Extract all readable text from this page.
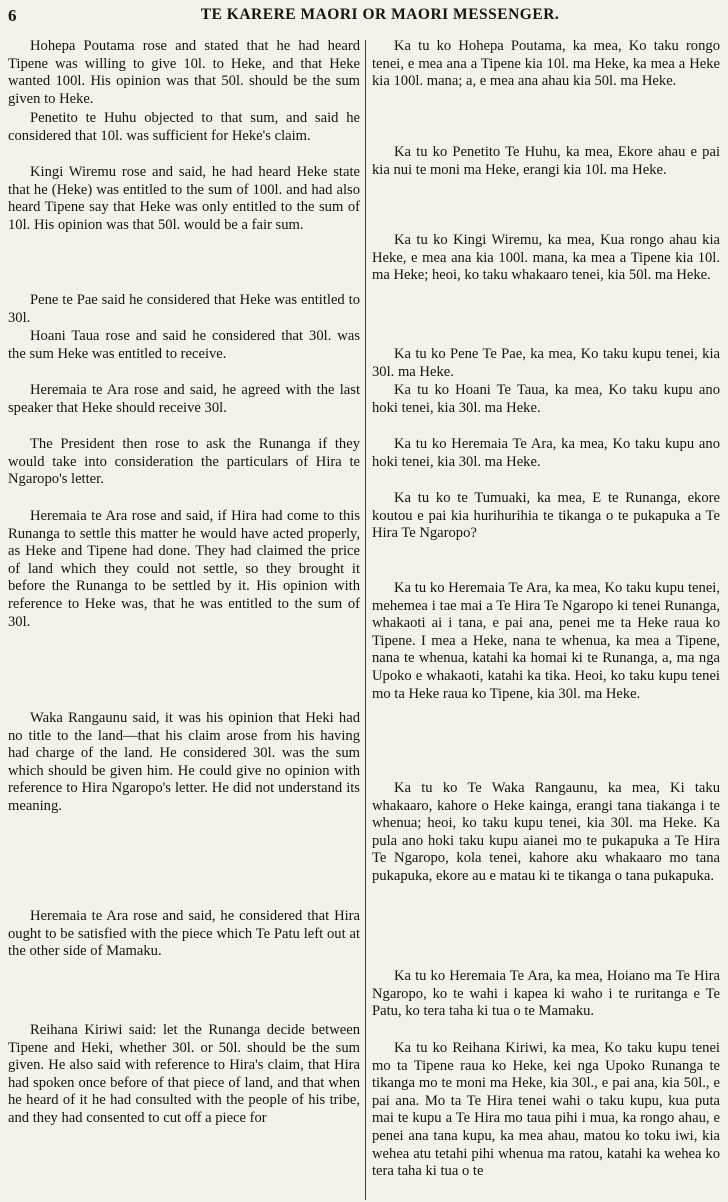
6	TE KARERE MAORI OR MAORI MESSENGER.

Hohepa Poutama rose and stated that he had heard Tipene was willing to give 10l. to Heke, and that Heke wanted 100l. His opinion was that 50l. should be the sum given to Heke.

Penetito te Huhu objected to that sum, and said he considered that 10l. was sufficient for Heke's claim.

Kingi Wiremu rose and said, he had heard Heke state that he (Heke) was entitled to the sum of 100l. and had also heard Tipene say that Heke was only entitled to the sum of 10l. His opinion was that 50l. would be a fair sum.

Pene te Pae said he considered that Heke was entitled to 30l.

Hoani Taua rose and said he considered that 30l. was the sum Heke was entitled to receive.

Heremaia te Ara rose and said, he agreed with the last speaker that Heke should receive 30l.

The President then rose to ask the Runanga if they would take into consideration the particulars of Hira te Ngaropo's letter.

Heremaia te Ara rose and said, if Hira had come to this Runanga to settle this matter he would have acted properly, as Heke and Tipene had done. They had claimed the price of land which they could not settle, so they brought it before the Runanga to be settled by it. His opinion with reference to Heke was, that he was entitled to the sum of 30l.

Waka Rangaunu said, it was his opinion that Heki had no title to the land—that his claim arose from his having had charge of the land. He considered 30l. was the sum which should be given him. He could give no opinion with reference to Hira Ngaropo's letter. He did not understand its meaning.

Heremaia te Ara rose and said, he considered that Hira ought to be satisfied with the piece which Te Patu left out at the other side of Mamaku.

Reihana Kiriwi said: let the Runanga decide between Tipene and Heki, whether 30l. or 50l. should be the sum given. He also said with reference to Hira's claim, that Hira had spoken once before of that piece of land, and that when he heard of it he had consulted with the people of his tribe, and they had consented to cut off a piece for

Ka tu ko Hohepa Poutama, ka mea, Ko taku rongo tenei, e mea ana a Tipene kia 10l. ma Heke, ka mea a Heke kia 100l. mana; a, e mea ana ahau kia 50l. ma Heke.

Ka tu ko Penetito Te Huhu, ka mea, Ekore ahau e pai kia nui te moni ma Heke, erangi kia 10l. ma Heke.

Ka tu ko Kingi Wiremu, ka mea, Kua rongo ahau kia Heke, e mea ana kia 100l. mana, ka mea a Tipene kia 10l. ma Heke; heoi, ko taku whakaaro tenei, kia 50l. ma Heke.

Ka tu ko Pene Te Pae, ka mea, Ko taku kupu tenei, kia 30l. ma Heke.

Ka tu ko Hoani Te Taua, ka mea, Ko taku kupu ano hoki tenei, kia 30l. ma Heke.

Ka tu ko Heremaia Te Ara, ka mea, Ko taku kupu ano hoki tenei, kia 30l. ma Heke.

Ka tu ko te Tumuaki, ka mea, E te Runanga, ekore koutou e pai kia hurihurihia te tikanga o te pukapuka a Te Hira Te Ngaropo?

Ka tu ko Heremaia Te Ara, ka mea, Ko taku kupu tenei, mehemea i tae mai a Te Hira Te Ngaropo ki tenei Runanga, whakaoti ai i tana, e pai ana, penei me ta Heke raua ko Tipene. I mea a Heke, nana te whenua, ka mea a Tipene, nana te whenua, katahi ka homai ki te Runanga, a, ma nga Upoko e whakaoti, katahi ka tika. Heoi, ko taku kupu tenei mo ta Heke raua ko Tipene, kia 30l. ma Heke.

Ka tu ko Te Waka Rangaunu, ka mea, Ki taku whakaaro, kahore o Heke kainga, erangi tana tiakanga i te whenua; heoi, ko taku kupu tenei, kia 30l. ma Heke. Ka pula ano hoki taku kupu aianei mo te pukapuka a Te Hira Te Ngaropo, kola tenei, kahore aku whakaaro mo tana pukapuka, ekore au e matau ki te tikanga o tana pukapuka.

Ka tu ko Heremaia Te Ara, ka mea, Hoiano ma Te Hira Ngaropo, ko te wahi i kapea ki waho i te ruritanga e Te Patu, ko tera taha ki tua o te Mamaku.

Ka tu ko Reihana Kiriwi, ka mea, Ko taku kupu tenei mo ta Tipene raua ko Heke, kei nga Upoko Runanga te tikanga mo te moni ma Heke, kia 30l., e pai ana, kia 50l., e pai ana. Mo ta Te Hira tenei wahi o taku kupu, kua puta mai te kupu a Te Hira mo taua pihi i mua, ka rongo ahau, e penei ana tana kupu, ka mea ahau, matou ko toku iwi, kia wehea atu tetahi pihi whenua ma ratou, katahi ka wehea ko tera taha ki tua o te
